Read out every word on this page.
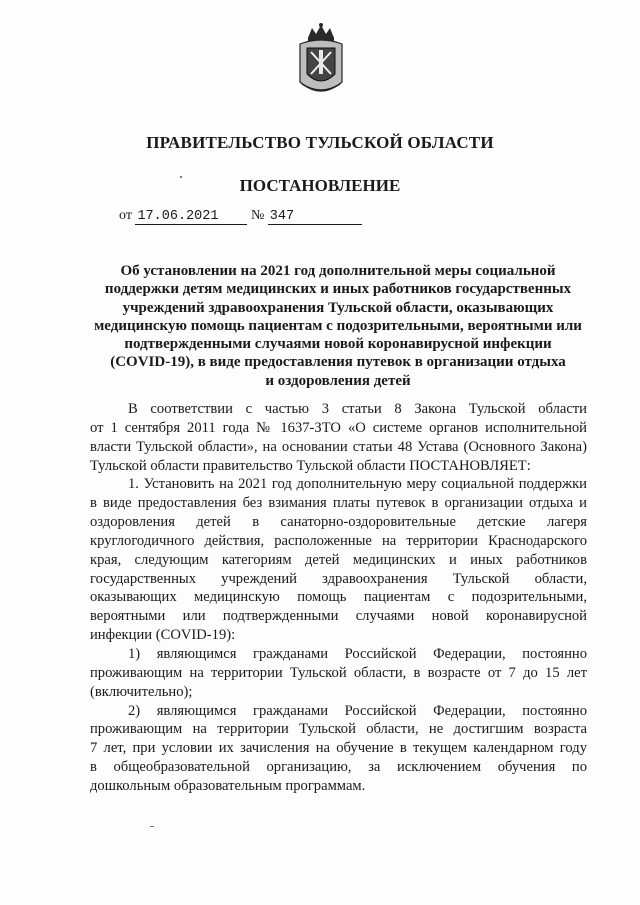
ПРАВИТЕЛЬСТВО ТУЛЬСКОЙ ОБЛАСТИ
ПОСТАНОВЛЕНИЕ
от 17.06.2021 № 347
Об установлении на 2021 год дополнительной меры социальной
поддержки детям медицинских и иных работников государственных
учреждений здравоохранения Тульской области, оказывающих
медицинскую помощь пациентам с подозрительными, вероятными или
подтвержденными случаями новой коронавирусной инфекции
(COVID-19), в виде предоставления путевок в организации отдыха
и оздоровления детей
В соответствии с частью 3 статьи 8 Закона Тульской области
от 1 сентября 2011 года № 1637-ЗТО «О системе органов исполнительной
власти Тульской области», на основании статьи 48 Устава (Основного Закона)
Тульской области правительство Тульской области ПОСТАНОВЛЯЕТ:
1. Установить на 2021 год дополнительную меру социальной поддержки
в виде предоставления без взимания платы путевок в организации отдыха и
оздоровления детей в санаторно-оздоровительные детские лагеря
круглогодичного действия, расположенные на территории Краснодарского
края, следующим категориям детей медицинских и иных работников
государственных учреждений здравоохранения Тульской области,
оказывающих медицинскую помощь пациентам с подозрительными,
вероятными или подтвержденными случаями новой коронавирусной
инфекции (COVID-19):
1) являющимся гражданами Российской Федерации, постоянно
проживающим на территории Тульской области, в возрасте от 7 до 15 лет
(включительно);
2) являющимся гражданами Российской Федерации, постоянно
проживающим на территории Тульской области, не достигшим возраста
7 лет, при условии их зачисления на обучение в текущем календарном году
в общеобразовательной организацию, за исключением обучения по
дошкольным образовательным программам.
